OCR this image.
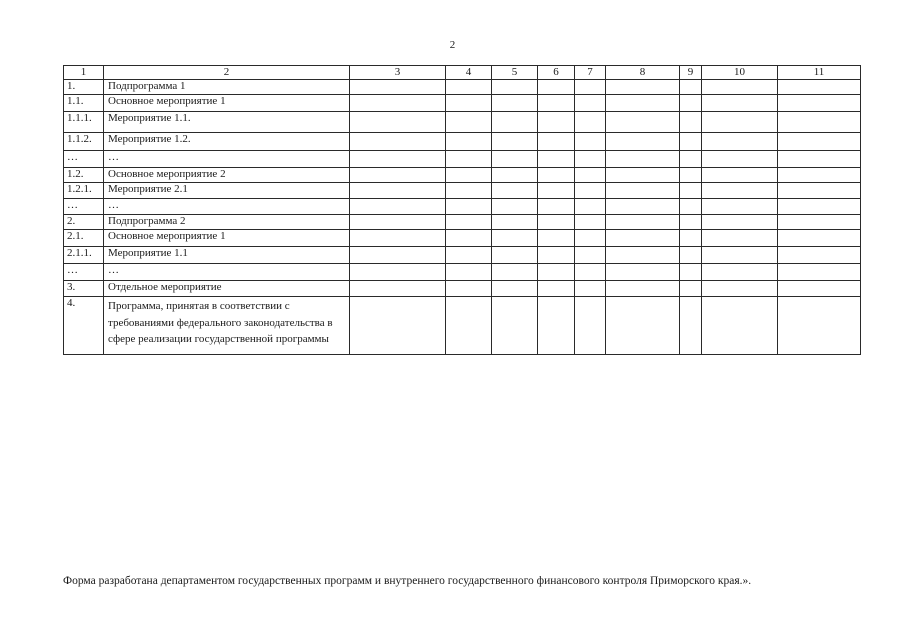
2
1	2	3	4	5	6	7	8	9	10	11
1.	Подпрограмма 1									
1.1.	Основное мероприятие 1									
1.1.1.	Мероприятие 1.1.									
1.1.2.	Мероприятие 1.2.									
…	…									
1.2.	Основное мероприятие 2									
1.2.1.	Мероприятие 2.1									
…	…									
2.	Подпрограмма 2									
2.1.	Основное мероприятие 1									
2.1.1.	Мероприятие 1.1									
…	…									
3.	Отдельное мероприятие									
4.	Программа, принятая в соответствии с требованиями федерального законодательства в сфере реализации государственной программы									
Форма разработана департаментом государственных программ и внутреннего государственного финансового контроля Приморского края.».
